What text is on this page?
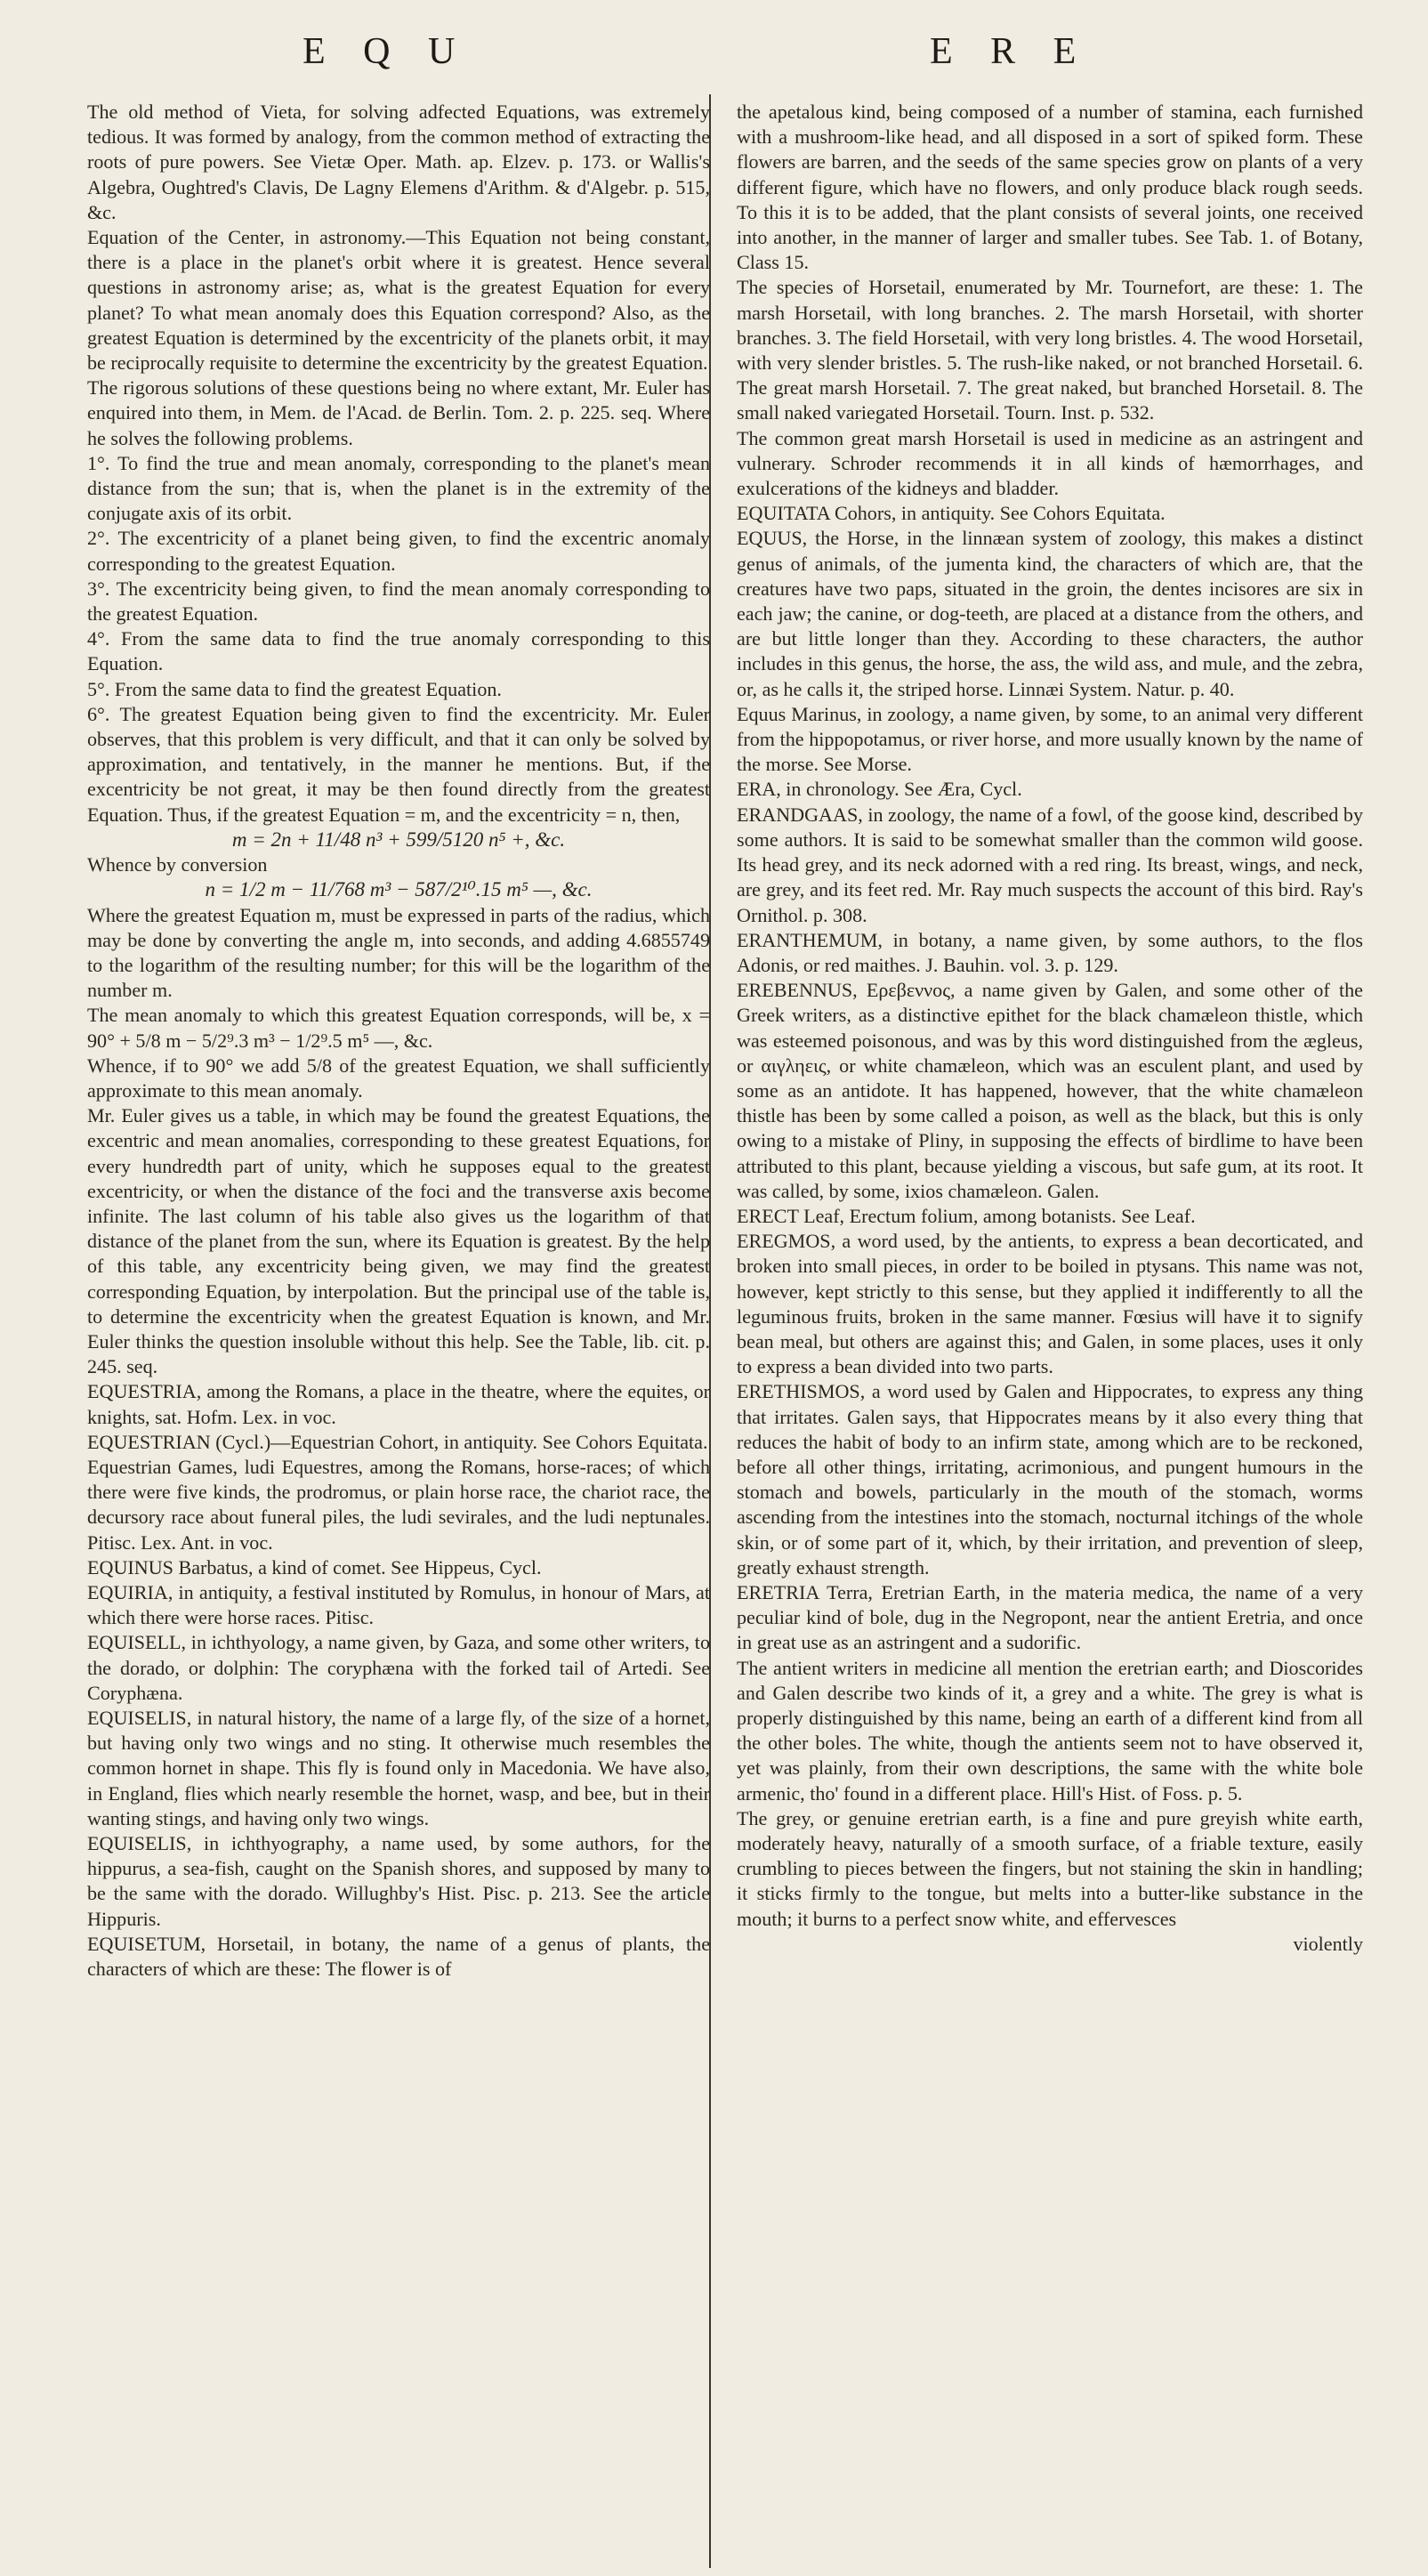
E Q U	E R E

The old method of Vieta, for solving adfected Equations, was extremely tedious. It was formed by analogy, from the common method of extracting the roots of pure powers. See Vietæ Oper. Math. ap. Elzev. p. 173. or Wallis's Algebra, Oughtred's Clavis, De Lagny Elemens d'Arithm. & d'Algebr. p. 515, &c.

Equation of the Center, in astronomy.—This Equation not being constant, there is a place in the planet's orbit where it is greatest. Hence several questions in astronomy arise; as, what is the greatest Equation for every planet? To what mean anomaly does this Equation correspond? Also, as the greatest Equation is determined by the excentricity of the planets orbit, it may be reciprocally requisite to determine the excentricity by the greatest Equation.

The rigorous solutions of these questions being no where extant, Mr. Euler has enquired into them, in Mem. de l'Acad. de Berlin. Tom. 2. p. 225. seq. Where he solves the following problems.

1°. To find the true and mean anomaly, corresponding to the planet's mean distance from the sun; that is, when the planet is in the extremity of the conjugate axis of its orbit.

2°. The excentricity of a planet being given, to find the excentric anomaly corresponding to the greatest Equation.

3°. The excentricity being given, to find the mean anomaly corresponding to the greatest Equation.

4°. From the same data to find the true anomaly corresponding to this Equation.

5°. From the same data to find the greatest Equation.

6°. The greatest Equation being given to find the excentricity. Mr. Euler observes, that this problem is very difficult, and that it can only be solved by approximation, and tentatively, in the manner he mentions. But, if the excentricity be not great, it may be then found directly from the greatest Equation. Thus, if the greatest Equation = m, and the excentricity = n, then,

m = 2n + 11/48 n³ + 599/5120 n⁵ +, &c.

Whence by conversion

n = 1/2 m − 11/768 m³ − 587/2¹⁰.15 m⁵ —, &c.

Where the greatest Equation m, must be expressed in parts of the radius, which may be done by converting the angle m, into seconds, and adding 4.6855749 to the logarithm of the resulting number; for this will be the logarithm of the number m.

The mean anomaly to which this greatest Equation corresponds, will be, x = 90° + 5/8 m − 5/2⁹.3 m³ − 1/2⁹.5 m⁵ —, &c.

Whence, if to 90° we add 5/8 of the greatest Equation, we shall sufficiently approximate to this mean anomaly.

Mr. Euler gives us a table, in which may be found the greatest Equations, the excentric and mean anomalies, corresponding to these greatest Equations, for every hundredth part of unity, which he supposes equal to the greatest excentricity, or when the distance of the foci and the transverse axis become infinite. The last column of his table also gives us the logarithm of that distance of the planet from the sun, where its Equation is greatest. By the help of this table, any excentricity being given, we may find the greatest corresponding Equation, by interpolation. But the principal use of the table is, to determine the excentricity when the greatest Equation is known, and Mr. Euler thinks the question insoluble without this help. See the Table, lib. cit. p. 245. seq.

EQUESTRIA, among the Romans, a place in the theatre, where the equites, or knights, sat. Hofm. Lex. in voc.

EQUESTRIAN (Cycl.)—Equestrian Cohort, in antiquity. See Cohors Equitata.

Equestrian Games, ludi Equestres, among the Romans, horse-races; of which there were five kinds, the prodromus, or plain horse race, the chariot race, the decursory race about funeral piles, the ludi sevirales, and the ludi neptunales. Pitisc. Lex. Ant. in voc.

EQUINUS Barbatus, a kind of comet. See Hippeus, Cycl.

EQUIRIA, in antiquity, a festival instituted by Romulus, in honour of Mars, at which there were horse races. Pitisc.

EQUISELL, in ichthyology, a name given, by Gaza, and some other writers, to the dorado, or dolphin: The coryphæna with the forked tail of Artedi. See Coryphæna.

EQUISELIS, in natural history, the name of a large fly, of the size of a hornet, but having only two wings and no sting. It otherwise much resembles the common hornet in shape. This fly is found only in Macedonia. We have also, in England, flies which nearly resemble the hornet, wasp, and bee, but in their wanting stings, and having only two wings.

EQUISELIS, in ichthyography, a name used, by some authors, for the hippurus, a sea-fish, caught on the Spanish shores, and supposed by many to be the same with the dorado. Willughby's Hist. Pisc. p. 213. See the article Hippuris.

EQUISETUM, Horsetail, in botany, the name of a genus of plants, the characters of which are these: The flower is of

the apetalous kind, being composed of a number of stamina, each furnished with a mushroom-like head, and all disposed in a sort of spiked form. These flowers are barren, and the seeds of the same species grow on plants of a very different figure, which have no flowers, and only produce black rough seeds. To this it is to be added, that the plant consists of several joints, one received into another, in the manner of larger and smaller tubes. See Tab. 1. of Botany, Class 15.

The species of Horsetail, enumerated by Mr. Tournefort, are these: 1. The marsh Horsetail, with long branches. 2. The marsh Horsetail, with shorter branches. 3. The field Horsetail, with very long bristles. 4. The wood Horsetail, with very slender bristles. 5. The rush-like naked, or not branched Horsetail. 6. The great marsh Horsetail. 7. The great naked, but branched Horsetail. 8. The small naked variegated Horsetail. Tourn. Inst. p. 532.

The common great marsh Horsetail is used in medicine as an astringent and vulnerary. Schroder recommends it in all kinds of hæmorrhages, and exulcerations of the kidneys and bladder.

EQUITATA Cohors, in antiquity. See Cohors Equitata.

EQUUS, the Horse, in the linnæan system of zoology, this makes a distinct genus of animals, of the jumenta kind, the characters of which are, that the creatures have two paps, situated in the groin, the dentes incisores are six in each jaw; the canine, or dog-teeth, are placed at a distance from the others, and are but little longer than they. According to these characters, the author includes in this genus, the horse, the ass, the wild ass, and mule, and the zebra, or, as he calls it, the striped horse. Linnæi System. Natur. p. 40.

Equus Marinus, in zoology, a name given, by some, to an animal very different from the hippopotamus, or river horse, and more usually known by the name of the morse. See Morse.

ERA, in chronology. See Æra, Cycl.

ERANDGAAS, in zoology, the name of a fowl, of the goose kind, described by some authors. It is said to be somewhat smaller than the common wild goose. Its head grey, and its neck adorned with a red ring. Its breast, wings, and neck, are grey, and its feet red. Mr. Ray much suspects the account of this bird. Ray's Ornithol. p. 308.

ERANTHEMUM, in botany, a name given, by some authors, to the flos Adonis, or red maithes. J. Bauhin. vol. 3. p. 129.

EREBENNUS, Ερεβεννος, a name given by Galen, and some other of the Greek writers, as a distinctive epithet for the black chamæleon thistle, which was esteemed poisonous, and was by this word distinguished from the ægleus, or αιγληεις, or white chamæleon, which was an esculent plant, and used by some as an antidote. It has happened, however, that the white chamæleon thistle has been by some called a poison, as well as the black, but this is only owing to a mistake of Pliny, in supposing the effects of birdlime to have been attributed to this plant, because yielding a viscous, but safe gum, at its root. It was called, by some, ixios chamæleon. Galen.

ERECT Leaf, Erectum folium, among botanists. See Leaf.

EREGMOS, a word used, by the antients, to express a bean decorticated, and broken into small pieces, in order to be boiled in ptysans. This name was not, however, kept strictly to this sense, but they applied it indifferently to all the leguminous fruits, broken in the same manner. Fœsius will have it to signify bean meal, but others are against this; and Galen, in some places, uses it only to express a bean divided into two parts.

ERETHISMOS, a word used by Galen and Hippocrates, to express any thing that irritates. Galen says, that Hippocrates means by it also every thing that reduces the habit of body to an infirm state, among which are to be reckoned, before all other things, irritating, acrimonious, and pungent humours in the stomach and bowels, particularly in the mouth of the stomach, worms ascending from the intestines into the stomach, nocturnal itchings of the whole skin, or of some part of it, which, by their irritation, and prevention of sleep, greatly exhaust strength.

ERETRIA Terra, Eretrian Earth, in the materia medica, the name of a very peculiar kind of bole, dug in the Negropont, near the antient Eretria, and once in great use as an astringent and a sudorific.

The antient writers in medicine all mention the eretrian earth; and Dioscorides and Galen describe two kinds of it, a grey and a white. The grey is what is properly distinguished by this name, being an earth of a different kind from all the other boles. The white, though the antients seem not to have observed it, yet was plainly, from their own descriptions, the same with the white bole armenic, tho' found in a different place. Hill's Hist. of Foss. p. 5.

The grey, or genuine eretrian earth, is a fine and pure greyish white earth, moderately heavy, naturally of a smooth surface, of a friable texture, easily crumbling to pieces between the fingers, but not staining the skin in handling; it sticks firmly to the tongue, but melts into a butter-like substance in the mouth; it burns to a perfect snow white, and effervesces

violently
